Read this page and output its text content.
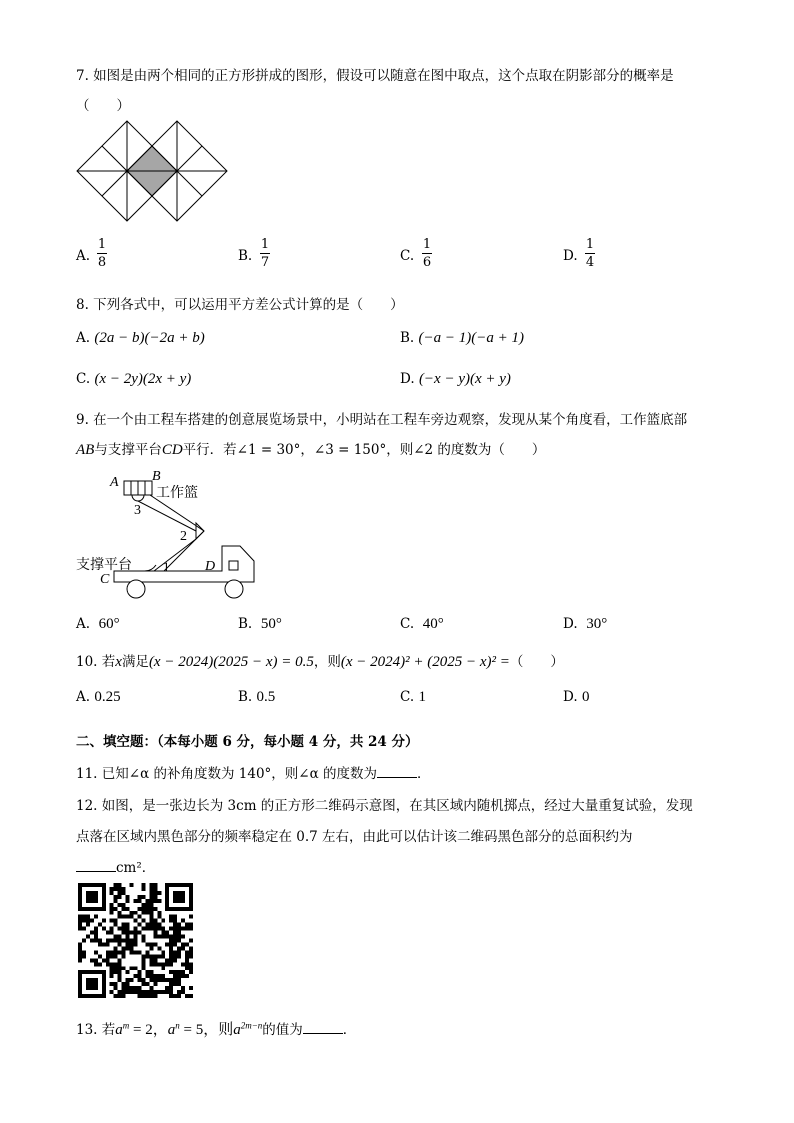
7. 如图是由两个相同的正方形拼成的图形，假设可以随意在图中取点，这个点取在阴影部分的概率是
（　　）
A.
1
8	B.
1
7	C.
1
6	D.
1
4
8. 下列各式中，可以运用平方差公式计算的是（　　）
A. (2a − b)(−2a + b)	B. (−a − 1)(−a + 1)
C. (x − 2y)(2x + y)	D. (−x − y)(x + y)
9. 在一个由工程车搭建的创意展览场景中，小明站在工程车旁边观察，发现从某个角度看，工作篮底部
AB与支撑平台CD平行．若∠1 = 30°，∠3 = 150°，则∠2 的度数为（　　）
A B
工作篮
3
2
支撑平台
C
1	D
A. 60°	B. 50°	C. 40°	D. 30°
10. 若x满足(x − 2024)(2025 − x) = 0.5，则(x − 2024)² + (2025 − x)² =（　　）
A. 0.25	B. 0.5	C. 1	D. 0
二、填空题：（本每小题 6 分，每小题 4 分，共 24 分）
11. 已知∠α 的补角度数为 140°，则∠α 的度数为	．
12. 如图，是一张边长为 3cm 的正方形二维码示意图，在其区域内随机掷点，经过大量重复试验，发现
点落在区域内黑色部分的频率稳定在 0.7 左右，由此可以估计该二维码黑色部分的总面积约为
cm²．
13. 若$a^m = 2$，$a^n = 5$，则$a^{2m-n}$的值为	．
